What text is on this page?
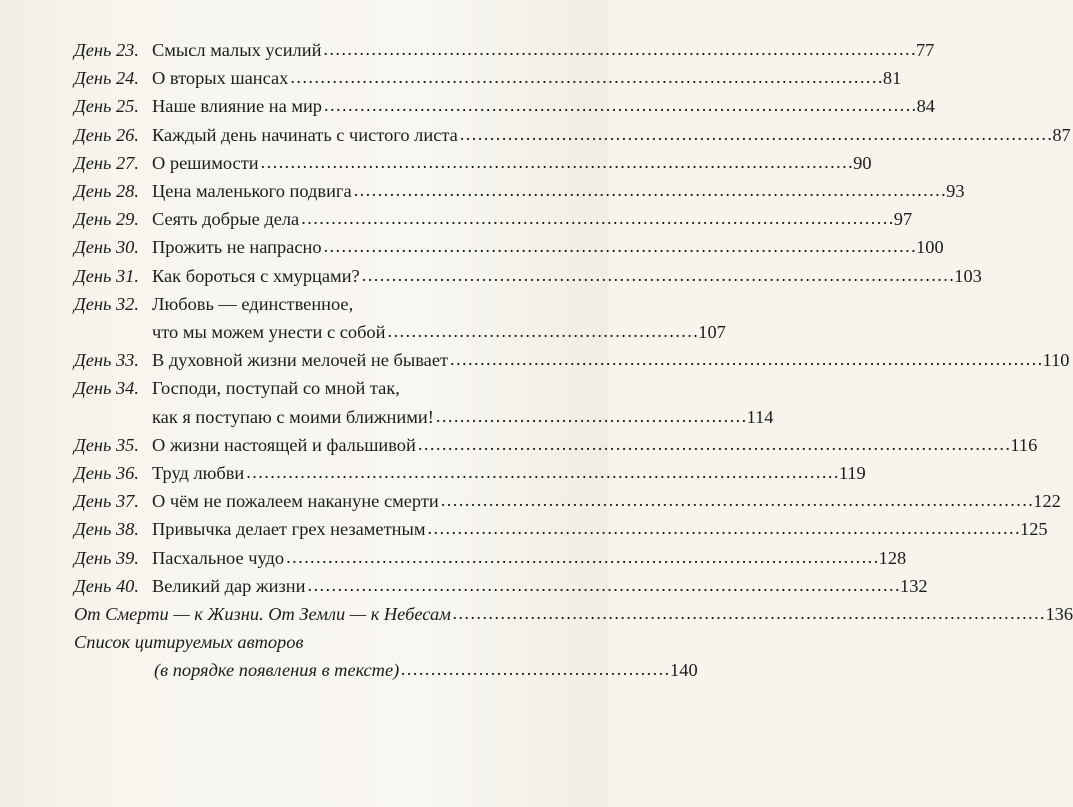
День 23. Смысл малых усилий . . .	77
День 24. О вторых шансах . . .	81
День 25. Наше влияние на мир . . .	84
День 26. Каждый день начинать с чистого листа . . .	87
День 27. О решимости . . .	90
День 28. Цена маленького подвига . . .	93
День 29. Сеять добрые дела . . .	97
День 30. Прожить не напрасно . . .	100
День 31. Как бороться с хмурцами? . . .	103
День 32. Любовь — единственное,
что мы можем унести с собой . . .	107
День 33. В духовной жизни мелочей не бывает . . .	110
День 34. Господи, поступай со мной так,
как я поступаю с моими ближними! . . .	114
День 35. О жизни настоящей и фальшивой . . .	116
День 36. Труд любви . . .	119
День 37. О чём не пожалеем накануне смерти . . .	122
День 38. Привычка делает грех незаметным . . .	125
День 39. Пасхальное чудо . . .	128
День 40. Великий дар жизни . . .	132
От Смерти — к Жизни. От Земли — к Небесам . . .	136
Список цитируемых авторов
(в порядке появления в тексте) . . .	140
